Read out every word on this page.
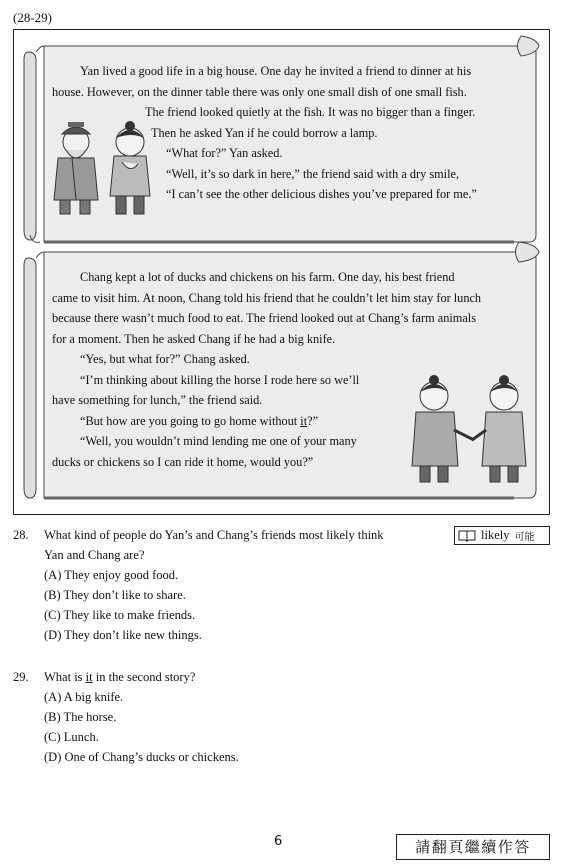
(28-29)

Yan lived a good life in a big house. One day he invited a friend to dinner at his

house. However, on the dinner table there was only one small dish of one small fish.

The friend looked quietly at the fish. It was no bigger than a finger.

Then he asked Yan if he could borrow a lamp.

“What for?” Yan asked.

“Well, it’s so dark in here,” the friend said with a dry smile,

“I can’t see the other delicious dishes you’ve prepared for me.”

Chang kept a lot of ducks and chickens on his farm. One day, his best friend

came to visit him. At noon, Chang told his friend that he couldn’t let him stay for lunch

because there wasn’t much food to eat. The friend looked out at Chang’s farm animals

for a moment. Then he asked Chang if he had a big knife.

“Yes, but what for?” Chang asked.

“I’m thinking about killing the horse I rode here so we’ll

have something for lunch,” the friend said.

“But how are you going to go home without it?”

“Well, you wouldn’t mind lending me one of your many

ducks or chickens so I can ride it home, would you?”

28. What kind of people do Yan’s and Chang’s friends most likely think

Yan and Chang are?

(A) They enjoy good food.

(B) They don’t like to share.

(C) They like to make friends.

(D) They don’t like new things.

likely 可能
29. What is it in the second story?

(A) A big knife.

(B) The horse.

(C) Lunch.

(D) One of Chang’s ducks or chickens.

6	請翻頁繼續作答
